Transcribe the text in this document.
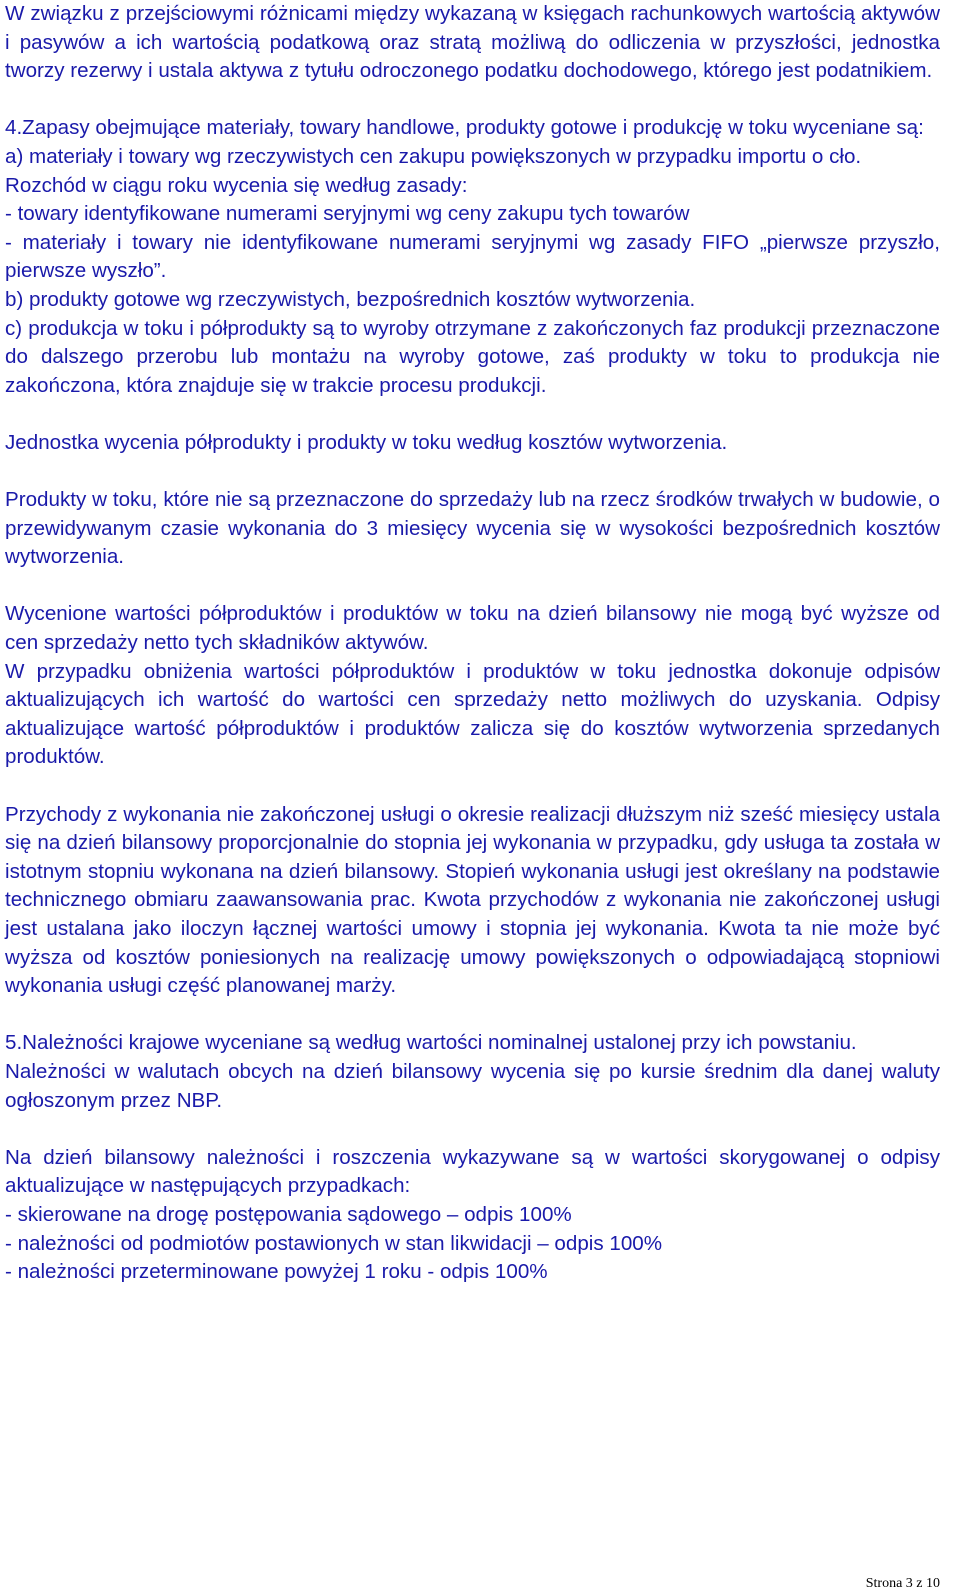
W związku z przejściowymi różnicami między wykazaną w księgach rachunkowych wartością aktywów i pasywów a ich wartością podatkową oraz stratą możliwą do odliczenia w przyszłości, jednostka tworzy rezerwy i ustala aktywa z tytułu odroczonego podatku dochodowego, którego jest podatnikiem.

4.Zapasy obejmujące materiały, towary handlowe, produkty gotowe i produkcję w toku wyceniane są:

a) materiały i towary wg rzeczywistych cen zakupu powiększonych w przypadku importu o cło.

Rozchód w ciągu roku wycenia się według zasady:

- towary identyfikowane numerami seryjnymi wg ceny zakupu tych towarów

- materiały i towary nie identyfikowane numerami seryjnymi wg zasady FIFO „pierwsze przyszło, pierwsze wyszło”.

b) produkty gotowe wg rzeczywistych, bezpośrednich kosztów wytworzenia.

c) produkcja w toku i półprodukty są to wyroby otrzymane z zakończonych faz produkcji przeznaczone do dalszego przerobu lub montażu na wyroby gotowe, zaś produkty w toku to produkcja nie zakończona, która znajduje się w trakcie procesu produkcji.

Jednostka wycenia półprodukty i produkty w toku według kosztów wytworzenia.

Produkty w toku, które nie są przeznaczone do sprzedaży lub na rzecz środków trwałych w budowie, o przewidywanym czasie wykonania do 3 miesięcy wycenia się w wysokości bezpośrednich kosztów wytworzenia.

Wycenione wartości półproduktów i produktów w toku na dzień bilansowy nie mogą być wyższe od cen sprzedaży netto tych składników aktywów.

W przypadku obniżenia wartości półproduktów i produktów w toku jednostka dokonuje odpisów aktualizujących ich wartość do wartości cen sprzedaży netto możliwych do uzyskania. Odpisy aktualizujące wartość półproduktów i produktów zalicza się do kosztów wytworzenia sprzedanych produktów.

Przychody z wykonania nie zakończonej usługi o okresie realizacji dłuższym niż sześć miesięcy ustala się na dzień bilansowy proporcjonalnie do stopnia jej wykonania w przypadku, gdy usługa ta została w istotnym stopniu wykonana na dzień bilansowy. Stopień wykonania usługi jest określany na podstawie technicznego obmiaru zaawansowania prac. Kwota przychodów z wykonania nie zakończonej usługi jest ustalana jako iloczyn łącznej wartości umowy i stopnia jej wykonania. Kwota ta nie może być wyższa od kosztów poniesionych na realizację umowy powiększonych o odpowiadającą stopniowi wykonania usługi część planowanej marży.

5.Należności krajowe wyceniane są według wartości nominalnej ustalonej przy ich powstaniu.

Należności w walutach obcych na dzień bilansowy wycenia się po kursie średnim dla danej waluty ogłoszonym przez NBP.

Na dzień bilansowy należności i roszczenia wykazywane są w wartości skorygowanej o odpisy aktualizujące w następujących przypadkach:

- skierowane na drogę postępowania sądowego – odpis 100%

- należności od podmiotów postawionych w stan likwidacji – odpis 100%

- należności przeterminowane powyżej 1 roku - odpis 100%

Strona 3 z 10
